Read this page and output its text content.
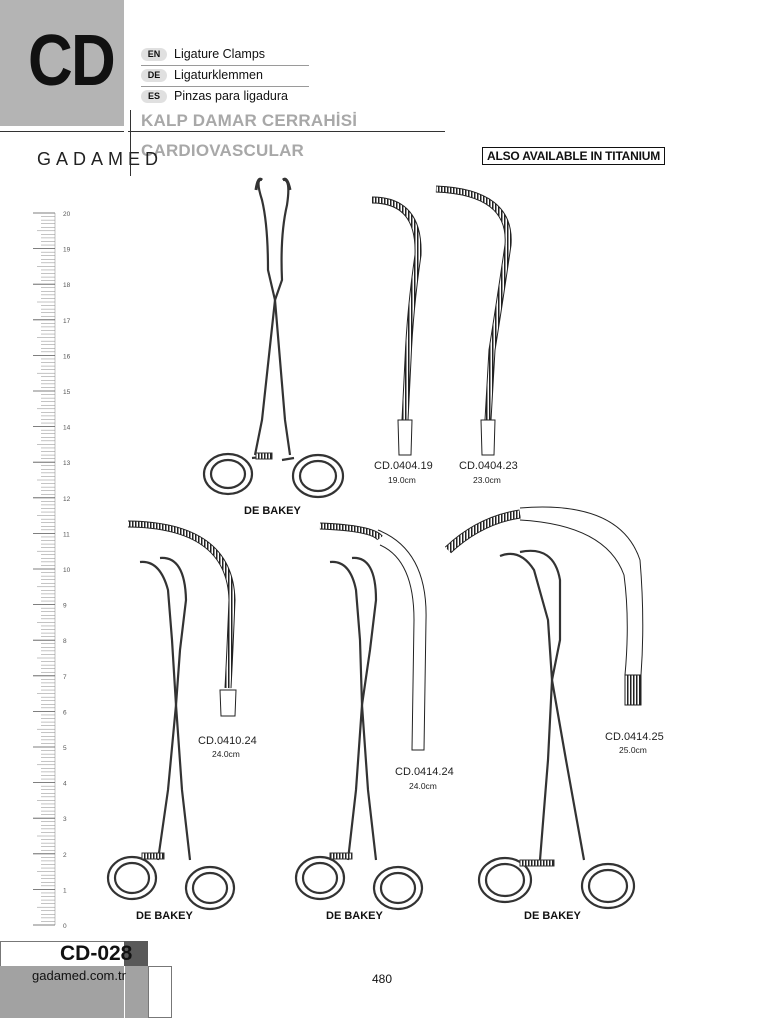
CD	EN	Ligature Clamps
DE	Ligaturklemmen
ES	Pinzas para ligadura
KALP DAMAR CERRAHİSİ
CARDIOVASCULAR
GADAMED	ALSO AVAILABLE IN TITANIUM
20
19
18
17
16
15
14
13
12
11
10
9
8
7
6
5
4
3
2
1
0
CD.0404.19
19.0cm
CD.0404.23
23.0cm
CD.0410.24
24.0cm
CD.0414.24
24.0cm
CD.0414.25
25.0cm
DE BAKEY
DE BAKEY	DE BAKEY	DE BAKEY
CD-028
gadamed.com.tr	480
